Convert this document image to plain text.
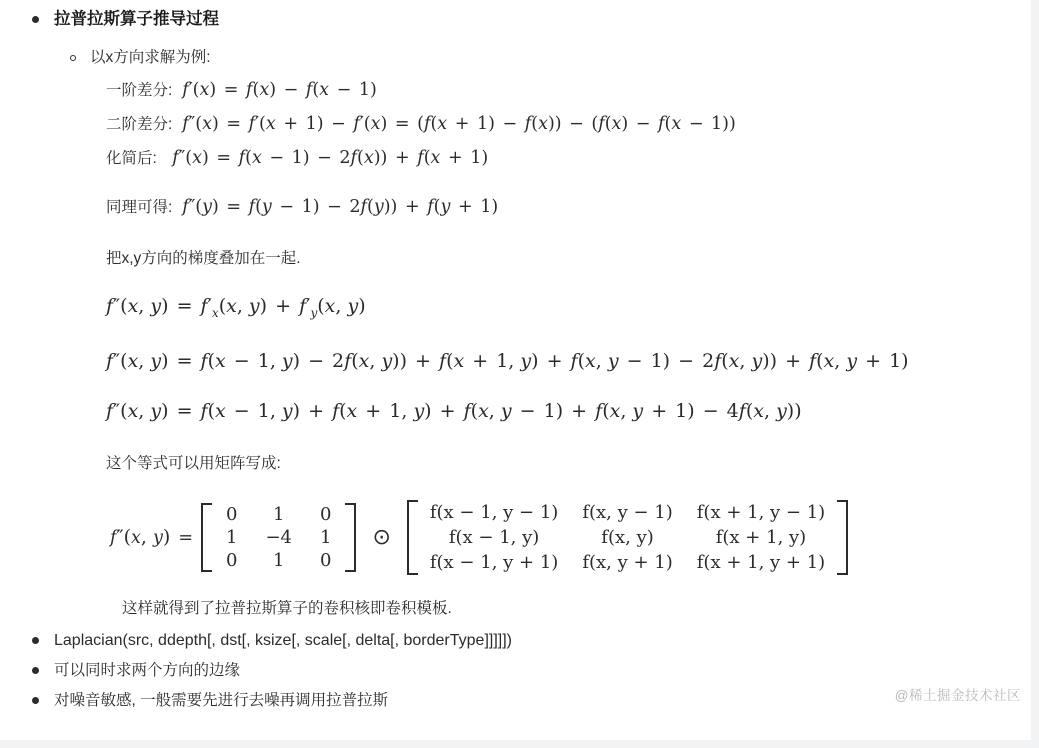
拉普拉斯算子推导过程
以x方向求解为例:
一阶差分: f′(x) = f(x) − f(x − 1)
二阶差分: f″(x) = f′(x + 1) − f′(x) = (f(x + 1) − f(x)) − (f(x) − f(x − 1))
化简后: f″(x) = f(x − 1) − 2f(x)) + f(x + 1)
同理可得: f″(y) = f(y − 1) − 2f(y)) + f(y + 1)
把x,y方向的梯度叠加在一起.
f″(x, $y) = f'_x(x$, $y) + f'_y(x$, y)
f″(x, y) = f(x − 1, y) − 2f(x, y)) + f(x + 1, y) + f(x, y − 1) − 2f(x, y)) + f(x, y + 1)
f″(x, y) = f(x − 1, y) + f(x + 1, y) + f(x, y − 1) + f(x, y + 1) − 4f(x, y))
这个等式可以用矩阵写成:
f″(x, y) =
0	1	0
1	−4	1
0	1	0
⊙
f(x − 1, y − 1)	f(x, y − 1)	f(x + 1, y − 1)
f(x − 1, y)	f(x, y)	f(x + 1, y)
f(x − 1, y + 1)	f(x, y + 1)	f(x + 1, y + 1)
这样就得到了拉普拉斯算子的卷积核即卷积模板.
Laplacian(src, ddepth[, dst[, ksize[, scale[, delta[, borderType]]]]])
可以同时求两个方向的边缘
对噪音敏感, 一般需要先进行去噪再调用拉普拉斯	@稀土掘金技术社区
